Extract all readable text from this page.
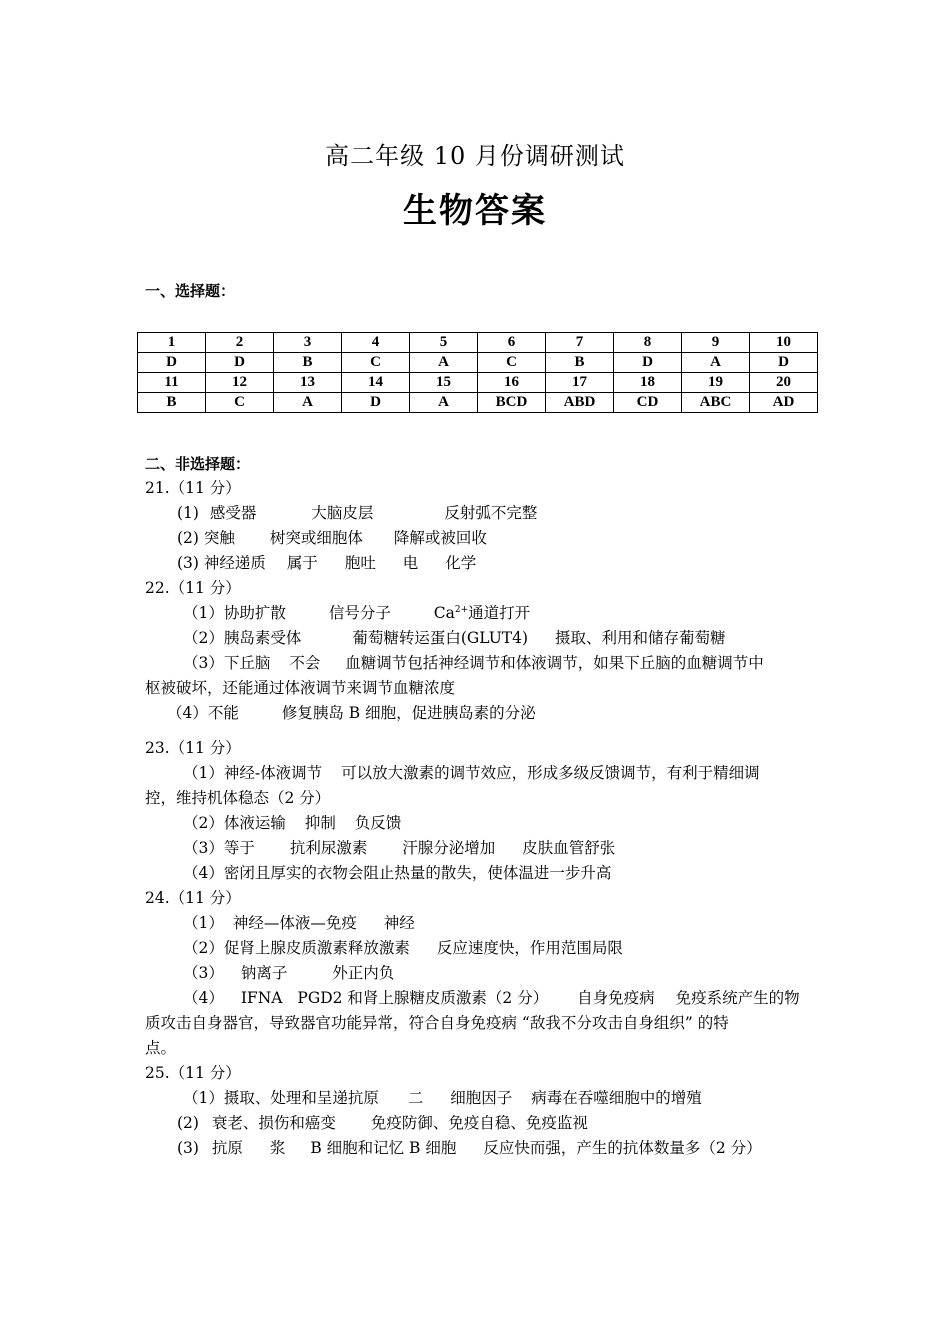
高二年级 10 月份调研测试
生物答案
一、选择题：
1	2	3	4	5	6	7	8	9	10
D	D	B	C	A	C	B	D	A	D
11	12	13	14	15	16	17	18	19	20
B	C	A	D	A	BCD	ABD	CD	ABC	AD
二、非选择题：
21.（11 分）
(1) 感受器	大脑皮层	反射弧不完整
(2) 突触 树突或细胞体 降解或被回收
(3) 神经递质 属于 胞吐 电 化学
22.（11 分）
（1）协助扩散	信号分子	$Ca^{2+}$通道打开
（2）胰岛素受体	葡萄糖转运蛋白(GLUT4) 摄取、利用和储存葡萄糖
（3）下丘脑 不会 血糖调节包括神经调节和体液调节，如果下丘脑的血糖调节中
枢被破坏，还能通过体液调节来调节血糖浓度
（4）不能	修复胰岛 B 细胞，促进胰岛素的分泌
23.（11 分）
（1）神经-体液调节 可以放大激素的调节效应，形成多级反馈调节，有利于精细调
控，维持机体稳态（2 分）
（2）体液运输 抑制 负反馈
（3）等于 抗利尿激素 汗腺分泌增加 皮肤血管舒张
（4）密闭且厚实的衣物会阻止热量的散失，使体温进一步升高
24.（11 分）
（1） 神经—体液—免疫 神经
（2）促肾上腺皮质激素释放激素 反应速度快，作用范围局限
（3） 钠离子	外正内负
（4） IFNA PGD2 和肾上腺糖皮质激素（2 分） 自身免疫病 免疫系统产生的物
质攻击自身器官，导致器官功能异常，符合自身免疫病 “敌我不分攻击自身组织” 的特
点。
25.（11 分）
（1）摄取、处理和呈递抗原 二 细胞因子 病毒在吞噬细胞中的增殖
(2) 衰老、损伤和癌变 免疫防御、免疫自稳、免疫监视
(3) 抗原 浆 B 细胞和记忆 B 细胞 反应快而强，产生的抗体数量多（2 分）
